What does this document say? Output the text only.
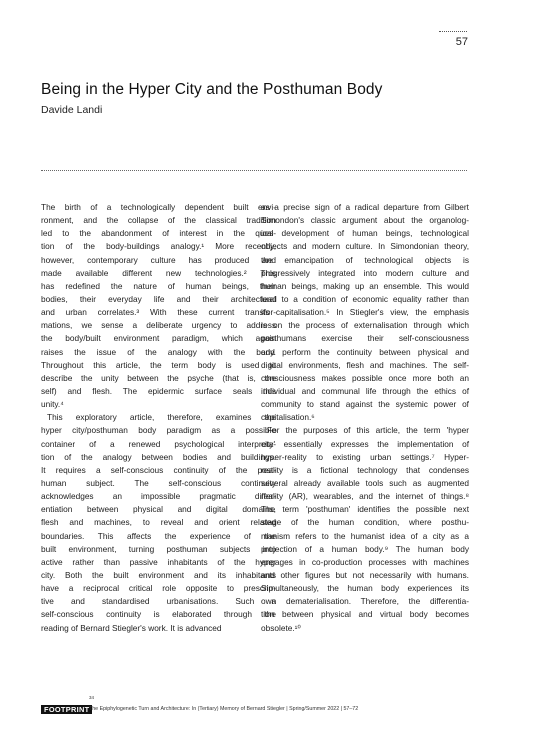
57
Being in the Hyper City and the Posthuman Body
Davide Landi
The birth of a technologically dependent built envi-
ronment, and the collapse of the classical tradition
led to the abandonment of interest in the ques-
tion of the body-buildings analogy.¹ More recently,
however, contemporary culture has produced and
made available different new technologies.² This
has redefined the nature of human beings, their
bodies, their everyday life and their architectural
and urban correlates.³ With these current transfor-
mations, we sense a deliberate urgency to address
the body/built environment paradigm, which again
raises the issue of the analogy with the body.
Throughout this article, the term body is used to
describe the unity between the psyche (that is, the
self) and flesh. The epidermic surface seals this
unity.⁴
This exploratory article, therefore, examines the
hyper city/posthuman body paradigm as a possible
container of a renewed psychological interpreta-
tion of the analogy between bodies and buildings.
It requires a self-conscious continuity of the post-
human subject. The self-conscious continuity
acknowledges an impossible pragmatic differ-
entiation between physical and digital domains,
flesh and machines, to reveal and orient related
boundaries. This affects the experience of the
built environment, turning posthuman subjects into
active rather than passive inhabitants of the hyper
city. Both the built environment and its inhabitants
have a reciprocal critical role opposite to prescrip-
tive and standardised urbanisations. Such a
self-conscious continuity is elaborated through the
reading of Bernard Stiegler's work. It is advanced
as a precise sign of a radical departure from Gilbert
Simondon's classic argument about the organolog-
ical development of human beings, technological
objects and modern culture. In Simondonian theory,
the emancipation of technological objects is
progressively integrated into modern culture and
human beings, making up an ensemble. This would
lead to a condition of economic equality rather than
its capitalisation.⁵ In Stiegler's view, the emphasis
is on the process of externalisation through which
posthumans exercise their self-consciousness
and perform the continuity between physical and
digital environments, flesh and machines. The self-
consciousness makes possible once more both an
individual and communal life through the ethics of
community to stand against the systemic power of
capitalisation.⁶
For the purposes of this article, the term 'hyper
city' essentially expresses the implementation of
hyper-reality to existing urban settings.⁷ Hyper-
reality is a fictional technology that condenses
several already available tools such as augmented
reality (AR), wearables, and the internet of things.⁸
The term 'posthuman' identifies the possible next
stage of the human condition, where posthu-
manism refers to the humanist idea of a city as a
projection of a human body.⁹ The human body
engages in co-production processes with machines
and other figures but not necessarily with humans.
Simultaneously, the human body experiences its
own dematerialisation. Therefore, the differentia-
tion between physical and virtual body becomes
obsolete.¹⁰
34
FOOTPRINT The Epiphylogenetic Turn and Architecture: In (Tertiary) Memory of Bernard Stiegler | Spring/Summer 2022 | 57–72
